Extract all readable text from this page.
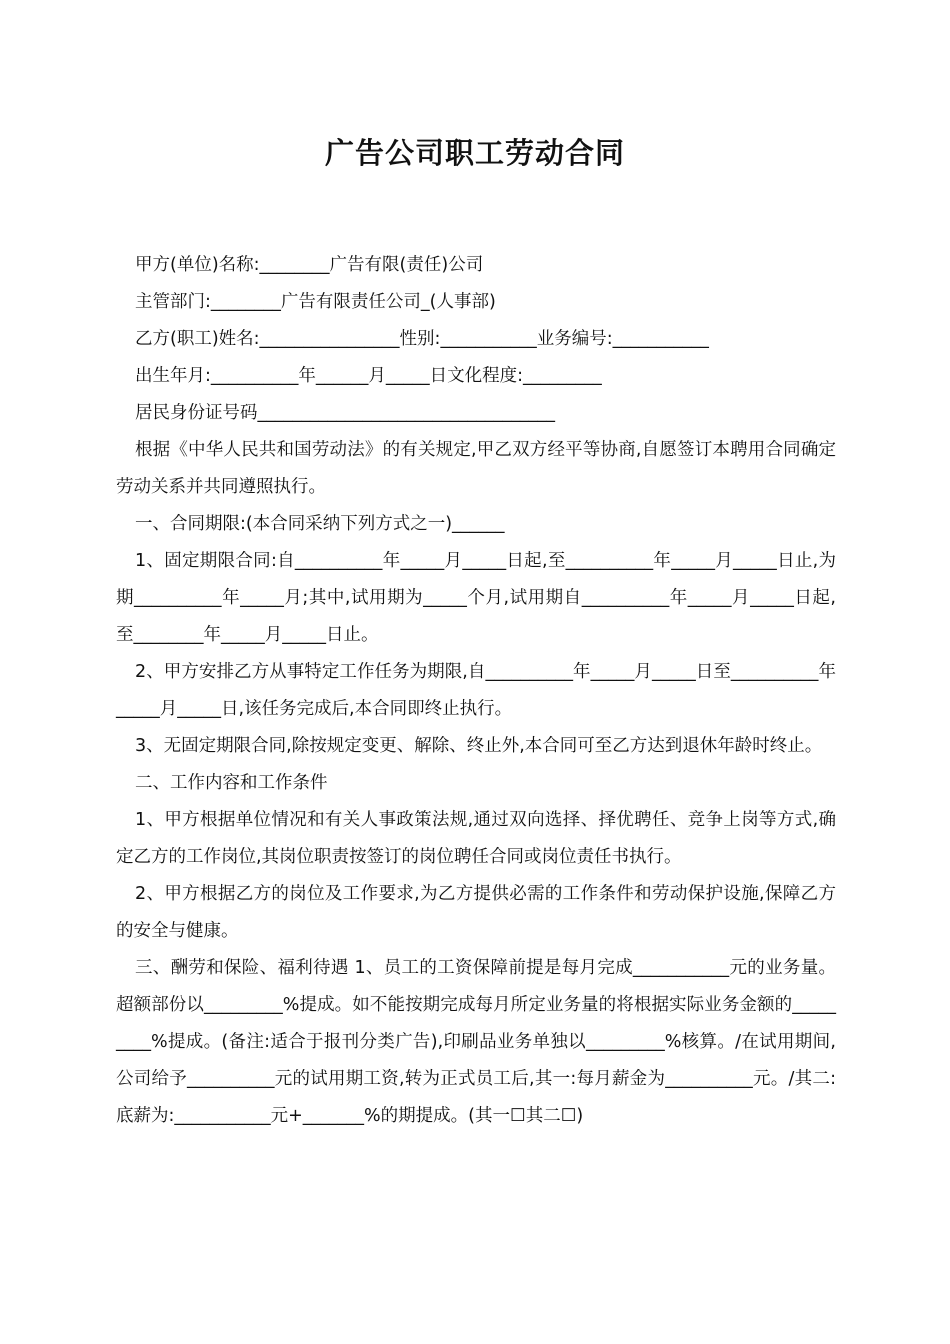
广告公司职工劳动合同

甲方(单位)名称:________广告有限(责任)公司

主管部门:________广告有限责任公司_(人事部)

乙方(职工)姓名:________________性别:___________业务编号:___________

出生年月:__________年______月_____日文化程度:_________

居民身份证号码__________________________________

根据《中华人民共和国劳动法》的有关规定,甲乙双方经平等协商,自愿签订本聘用合同确定劳动关系并共同遵照执行。

一、合同期限:(本合同采纳下列方式之一)______

1、固定期限合同:自__________年_____月_____日起,至__________年_____月_____日止,为期__________年_____月;其中,试用期为_____个月,试用期自__________年_____月_____日起,至________年_____月_____日止。

2、甲方安排乙方从事特定工作任务为期限,自__________年_____月_____日至__________年_____月_____日,该任务完成后,本合同即终止执行。

3、无固定期限合同,除按规定变更、解除、终止外,本合同可至乙方达到退休年龄时终止。

二、工作内容和工作条件

1、甲方根据单位情况和有关人事政策法规,通过双向选择、择优聘任、竞争上岗等方式,确定乙方的工作岗位,其岗位职责按签订的岗位聘任合同或岗位责任书执行。

2、甲方根据乙方的岗位及工作要求,为乙方提供必需的工作条件和劳动保护设施,保障乙方的安全与健康。

三、酬劳和保险、福利待遇 1、员工的工资保障前提是每月完成___________元的业务量。超额部份以_________%提成。如不能按期完成每月所定业务量的将根据实际业务金额的_________%提成。(备注:适合于报刊分类广告),印刷品业务单独以_________%核算。/在试用期间,公司给予__________元的试用期工资,转为正式员工后,其一:每月薪金为__________元。/其二:底薪为:___________元+_______%的期提成。(其一☐其二☐)
